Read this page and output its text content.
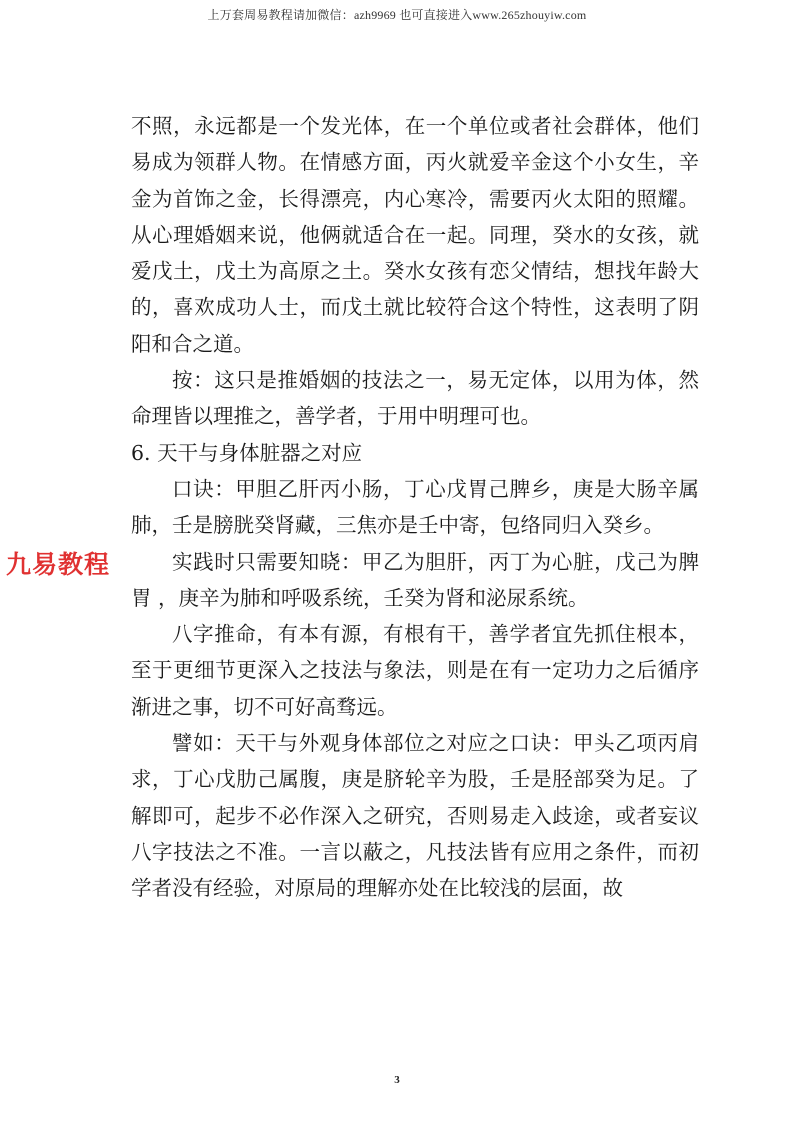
上万套周易教程请加微信：azh9969 也可直接进入www.265zhouyiw.com

不照，永远都是一个发光体，在一个单位或者社会群体，他们易成为领群人物。在情感方面，丙火就爱辛金这个小女生，辛金为首饰之金，长得漂亮，内心寒冷，需要丙火太阳的照耀。从心理婚姻来说，他俩就适合在一起。同理，癸水的女孩，就爱戊土，戊土为高原之土。癸水女孩有恋父情结，想找年龄大的，喜欢成功人士，而戊土就比较符合这个特性，这表明了阴阳和合之道。

按：这只是推婚姻的技法之一，易无定体，以用为体，然命理皆以理推之，善学者，于用中明理可也。

6. 天干与身体脏器之对应

口诀：甲胆乙肝丙小肠，丁心戊胃己脾乡，庚是大肠辛属肺，壬是膀胱癸肾藏，三焦亦是壬中寄，包络同归入癸乡。

实践时只需要知晓：甲乙为胆肝，丙丁为心脏，戊己为脾胃 ，庚辛为肺和呼吸系统，壬癸为肾和泌尿系统。

八字推命，有本有源，有根有干，善学者宜先抓住根本，至于更细节更深入之技法与象法，则是在有一定功力之后循序渐进之事，切不可好高骛远。

譬如：天干与外观身体部位之对应之口诀：甲头乙项丙肩求，丁心戊肋己属腹，庚是脐轮辛为股，壬是胫部癸为足。了解即可，起步不必作深入之研究，否则易走入歧途，或者妄议八字技法之不准。一言以蔽之，凡技法皆有应用之条件，而初学者没有经验，对原局的理解亦处在比较浅的层面，故

九易教程
3
